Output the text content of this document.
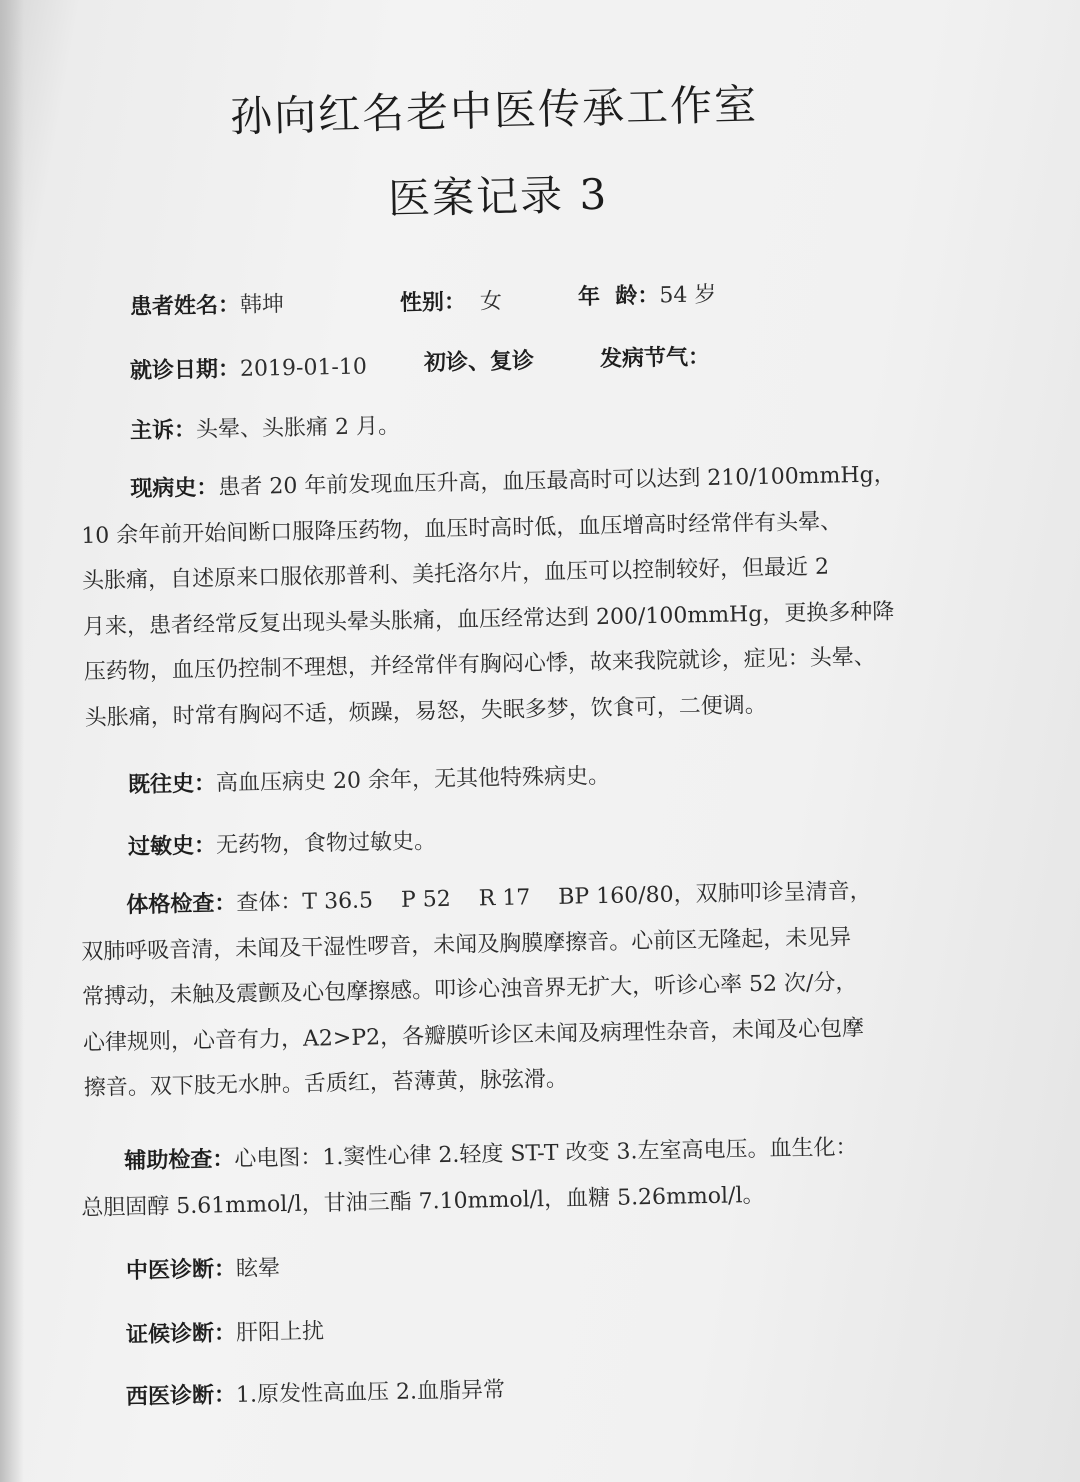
孙向红名老中医传承工作室
医案记录 3
患者姓名：韩坤	性别： 女	年  龄：54 岁
就诊日期：2019-01-10	初诊、复诊	发病节气：
主诉：头晕、头胀痛 2 月。
现病史：患者 20 年前发现血压升高，血压最高时可以达到 210/100mmHg，
10 余年前开始间断口服降压药物，血压时高时低，血压增高时经常伴有头晕、
头胀痛，自述原来口服依那普利、美托洛尔片，血压可以控制较好，但最近 2
月来，患者经常反复出现头晕头胀痛，血压经常达到 200/100mmHg，更换多种降
压药物，血压仍控制不理想，并经常伴有胸闷心悸，故来我院就诊，症见：头晕、
头胀痛，时常有胸闷不适，烦躁，易怒，失眠多梦，饮食可，二便调。
既往史：高血压病史 20 余年，无其他特殊病史。
过敏史：无药物，食物过敏史。
体格检查：查体：T 36.5    P 52    R 17    BP 160/80，双肺叩诊呈清音，
双肺呼吸音清，未闻及干湿性啰音，未闻及胸膜摩擦音。心前区无隆起，未见异
常搏动，未触及震颤及心包摩擦感。叩诊心浊音界无扩大，听诊心率 52 次/分，
心律规则，心音有力，A2>P2，各瓣膜听诊区未闻及病理性杂音，未闻及心包摩
擦音。双下肢无水肿。舌质红，苔薄黄，脉弦滑。
辅助检查：心电图：1.窦性心律 2.轻度 ST-T 改变 3.左室高电压。血生化：
总胆固醇 5.61mmol/l，甘油三酯 7.10mmol/l，血糖 5.26mmol/l。
中医诊断：眩晕
证候诊断：肝阳上扰
西医诊断：1.原发性高血压 2.血脂异常
